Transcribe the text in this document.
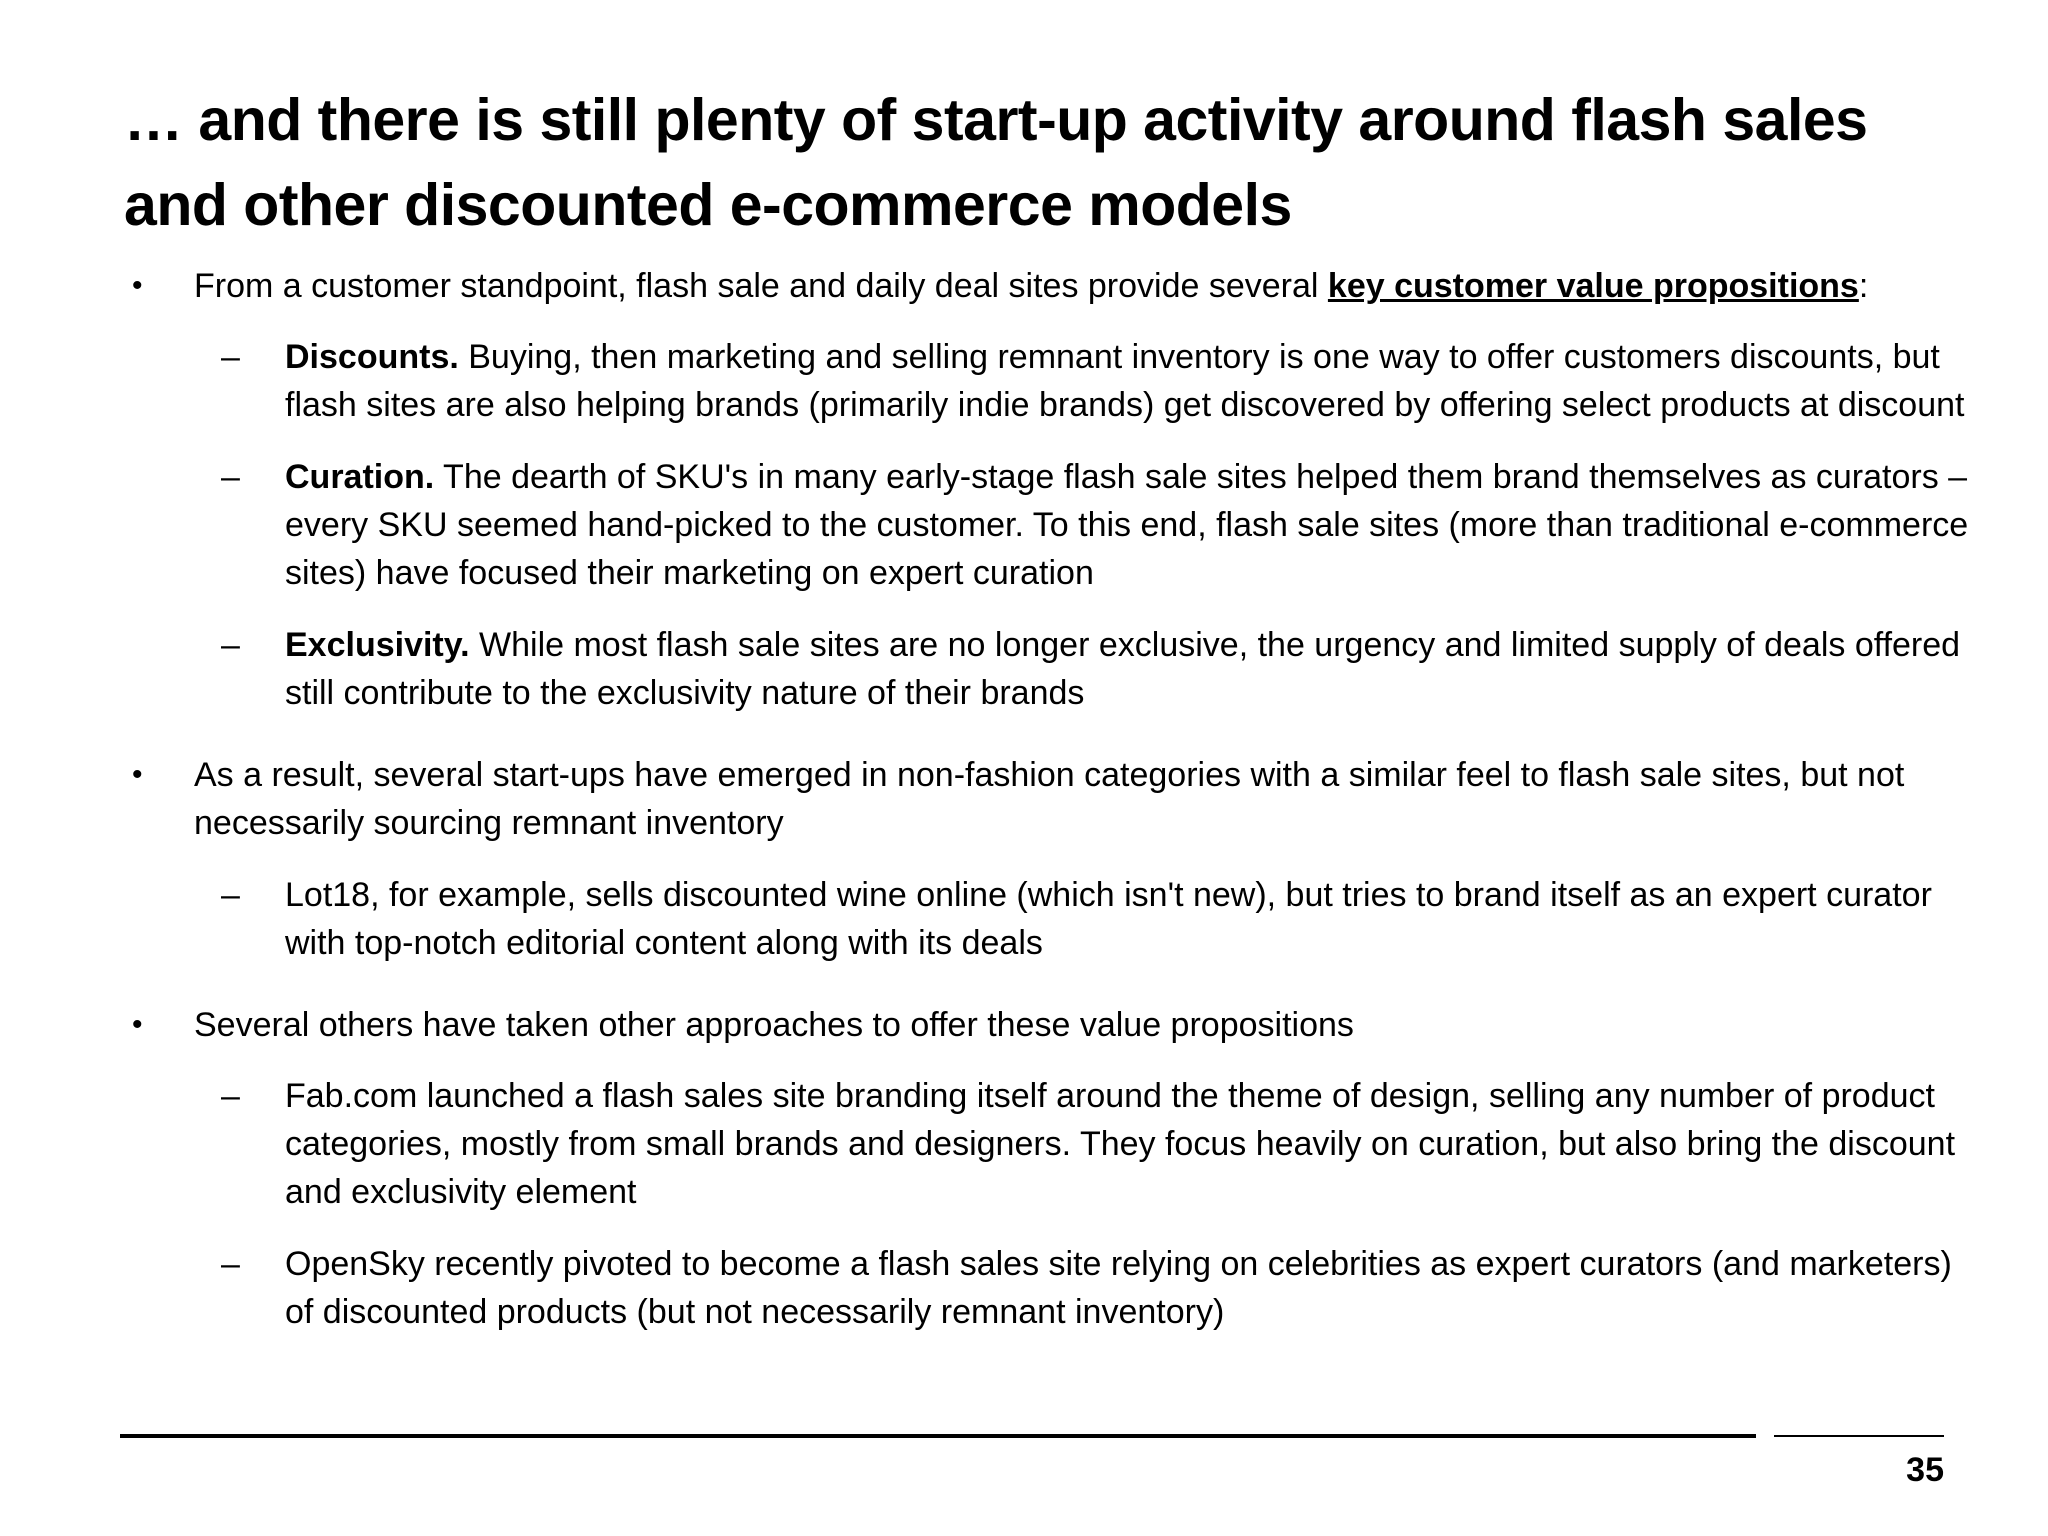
… and there is still plenty of start-up activity around flash sales and other discounted e-commerce models
• From a customer standpoint, flash sale and daily deal sites provide several key customer value propositions:
– Discounts. Buying, then marketing and selling remnant inventory is one way to offer customers discounts, but flash sites are also helping brands (primarily indie brands) get discovered by offering select products at discount
– Curation. The dearth of SKU's in many early-stage flash sale sites helped them brand themselves as curators – every SKU seemed hand-picked to the customer. To this end, flash sale sites (more than traditional e-commerce sites) have focused their marketing on expert curation
– Exclusivity. While most flash sale sites are no longer exclusive, the urgency and limited supply of deals offered still contribute to the exclusivity nature of their brands
• As a result, several start-ups have emerged in non-fashion categories with a similar feel to flash sale sites, but not necessarily sourcing remnant inventory
– Lot18, for example, sells discounted wine online (which isn't new), but tries to brand itself as an expert curator with top-notch editorial content along with its deals
• Several others have taken other approaches to offer these value propositions
– Fab.com launched a flash sales site branding itself around the theme of design, selling any number of product categories, mostly from small brands and designers. They focus heavily on curation, but also bring the discount and exclusivity element
– OpenSky recently pivoted to become a flash sales site relying on celebrities as expert curators (and marketers) of discounted products (but not necessarily remnant inventory)
35
